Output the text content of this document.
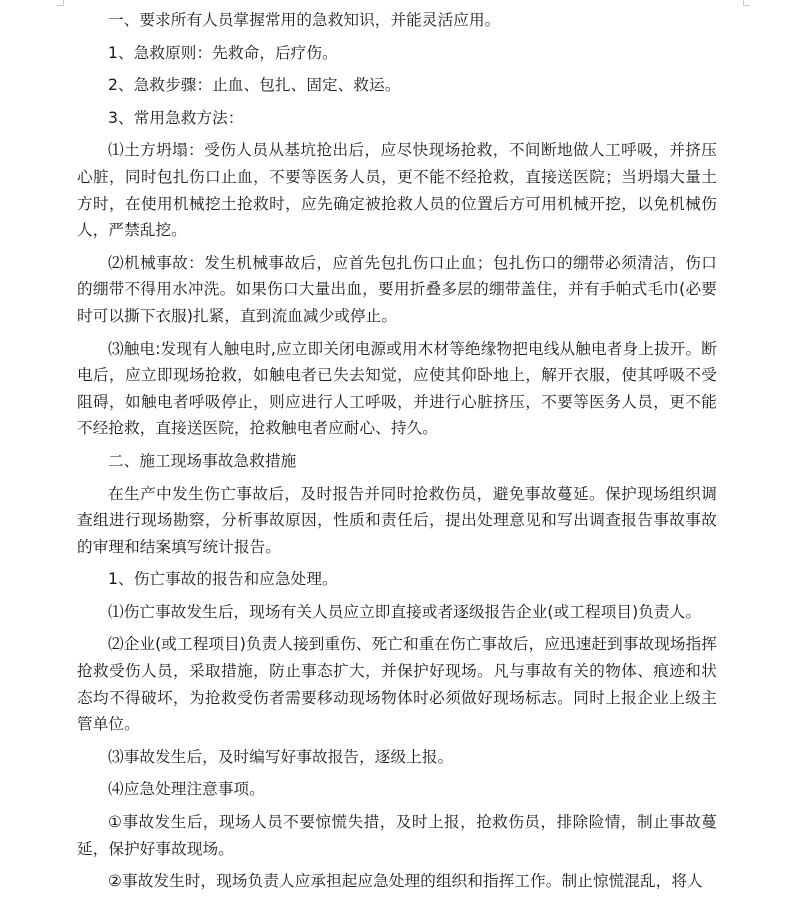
一、要求所有人员掌握常用的急救知识，并能灵活应用。

1、急救原则：先救命，后疗伤。

2、急救步骤：止血、包扎、固定、救运。

3、常用急救方法：

⑴土方坍塌：受伤人员从基坑抢出后，应尽快现场抢救，不间断地做人工呼吸，并挤压心脏，同时包扎伤口止血，不要等医务人员，更不能不经抢救，直接送医院；当坍塌大量土方时，在使用机械挖土抢救时，应先确定被抢救人员的位置后方可用机械开挖，以免机械伤人，严禁乱挖。

⑵机械事故：发生机械事故后，应首先包扎伤口止血；包扎伤口的绷带必须清洁，伤口的绷带不得用水冲洗。如果伤口大量出血，要用折叠多层的绷带盖住，并有手帕式毛巾(必要时可以撕下衣服)扎紧，直到流血减少或停止。

⑶触电:发现有人触电时,应立即关闭电源或用木材等绝缘物把电线从触电者身上拔开。断电后，应立即现场抢救，如触电者已失去知觉，应使其仰卧地上，解开衣服，使其呼吸不受阻碍，如触电者呼吸停止，则应进行人工呼吸，并进行心脏挤压，不要等医务人员，更不能不经抢救，直接送医院，抢救触电者应耐心、持久。

二、施工现场事故急救措施

在生产中发生伤亡事故后，及时报告并同时抢救伤员，避免事故蔓延。保护现场组织调查组进行现场勘察，分析事故原因，性质和责任后，提出处理意见和写出调查报告事故事故的审理和结案填写统计报告。

1、伤亡事故的报告和应急处理。

⑴伤亡事故发生后，现场有关人员应立即直接或者逐级报告企业(或工程项目)负责人。

⑵企业(或工程项目)负责人接到重伤、死亡和重在伤亡事故后，应迅速赶到事故现场指挥抢救受伤人员，采取措施，防止事态扩大，并保护好现场。凡与事故有关的物体、痕迹和状态均不得破坏，为抢救受伤者需要移动现场物体时必须做好现场标志。同时上报企业上级主管单位。

⑶事故发生后，及时编写好事故报告，逐级上报。

⑷应急处理注意事项。

①事故发生后，现场人员不要惊慌失措，及时上报，抢救伤员，排除险情，制止事故蔓延，保护好事故现场。

②事故发生时，现场负责人应承担起应急处理的组织和指挥工作。制止惊慌混乱，将人
